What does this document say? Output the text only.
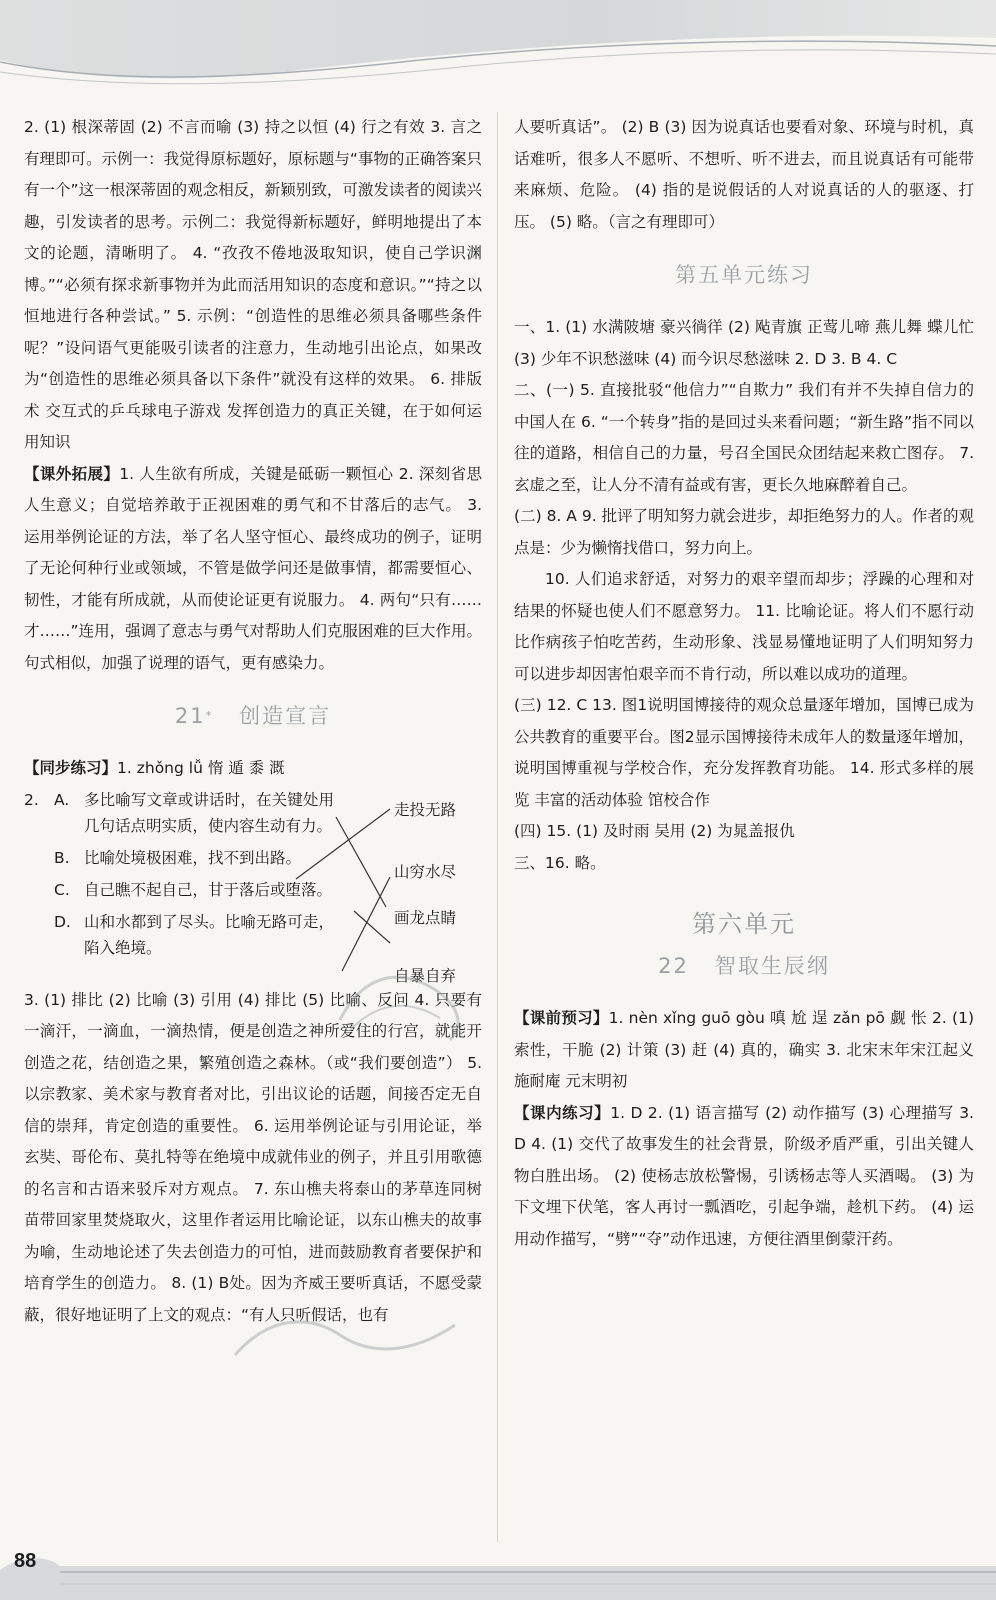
2. (1) 根深蒂固 (2) 不言而喻 (3) 持之以恒 (4) 行之有效 3. 言之有理即可。示例一：我觉得原标题好，原标题与“事物的正确答案只有一个”这一根深蒂固的观念相反，新颖别致，可激发读者的阅读兴趣，引发读者的思考。示例二：我觉得新标题好，鲜明地提出了本文的论题，清晰明了。 4. “孜孜不倦地汲取知识，使自己学识渊博。”“必须有探求新事物并为此而活用知识的态度和意识。”“持之以恒地进行各种尝试。” 5. 示例：“创造性的思维必须具备哪些条件呢？”设问语气更能吸引读者的注意力，生动地引出论点，如果改为“创造性的思维必须具备以下条件”就没有这样的效果。 6. 排版术 交互式的乒乓球电子游戏 发挥创造力的真正关键，在于如何运用知识

【课外拓展】1. 人生欲有所成，关键是砥砺一颗恒心 2. 深刻省思人生意义；自觉培养敢于正视困难的勇气和不甘落后的志气。 3. 运用举例论证的方法，举了名人坚守恒心、最终成功的例子，证明了无论何种行业或领域，不管是做学问还是做事情，都需要恒心、韧性，才能有所成就，从而使论证更有说服力。 4. 两句“只有……才……”连用，强调了意志与勇气对帮助人们克服困难的巨大作用。句式相似，加强了说理的语气，更有感染力。

21* 创造宣言

【同步练习】1. zhǒng lǚ 惰 遁 黍 溉

2. A. 多比喻写文章或讲话时，在关键处用几句话点明实质，使内容生动有力。
B. 比喻处境极困难，找不到出路。
C. 自己瞧不起自己，甘于落后或堕落。
D. 山和水都到了尽头。比喻无路可走，陷入绝境。
走投无路
山穷水尽
画龙点睛
自暴自弃

3. (1) 排比 (2) 比喻 (3) 引用 (4) 排比 (5) 比喻、反问 4. 只要有一滴汗，一滴血，一滴热情，便是创造之神所爱住的行宫，就能开创造之花，结创造之果，繁殖创造之森林。（或“我们要创造”） 5. 以宗教家、美术家与教育者对比，引出议论的话题，间接否定无自信的崇拜，肯定创造的重要性。 6. 运用举例论证与引用论证，举玄奘、哥伦布、莫扎特等在绝境中成就伟业的例子，并且引用歌德的名言和古语来驳斥对方观点。 7. 东山樵夫将泰山的茅草连同树苗带回家里焚烧取火，这里作者运用比喻论证，以东山樵夫的故事为喻，生动地论述了失去创造力的可怕，进而鼓励教育者要保护和培育学生的创造力。 8. (1) B处。因为齐威王要听真话，不愿受蒙蔽，很好地证明了上文的观点：“有人只听假话，也有

人要听真话”。 (2) B (3) 因为说真话也要看对象、环境与时机，真话难听，很多人不愿听、不想听、听不进去，而且说真话有可能带来麻烦、危险。 (4) 指的是说假话的人对说真话的人的驱逐、打压。 (5) 略。（言之有理即可）

第五单元练习

一、1. (1) 水满陂塘 豪兴徜徉 (2) 飐青旗 正莺儿啼 燕儿舞 蝶儿忙 (3) 少年不识愁滋味 (4) 而今识尽愁滋味 2. D 3. B 4. C

二、(一) 5. 直接批驳“他信力”“自欺力” 我们有并不失掉自信力的中国人在 6. “一个转身”指的是回过头来看问题；“新生路”指不同以往的道路，相信自己的力量，号召全国民众团结起来救亡图存。 7. 玄虚之至，让人分不清有益或有害，更长久地麻醉着自己。

(二) 8. A 9. 批评了明知努力就会进步，却拒绝努力的人。作者的观点是：少为懒惰找借口，努力向上。

10. 人们追求舒适，对努力的艰辛望而却步；浮躁的心理和对结果的怀疑也使人们不愿意努力。 11. 比喻论证。将人们不愿行动比作病孩子怕吃苦药，生动形象、浅显易懂地证明了人们明知努力可以进步却因害怕艰辛而不肯行动，所以难以成功的道理。

(三) 12. C 13. 图1说明国博接待的观众总量逐年增加，国博已成为公共教育的重要平台。图2显示国博接待未成年人的数量逐年增加，说明国博重视与学校合作，充分发挥教育功能。 14. 形式多样的展览 丰富的活动体验 馆校合作

(四) 15. (1) 及时雨 吴用 (2) 为晁盖报仇

三、16. 略。

第六单元
22 智取生辰纲

【课前预习】1. nèn xǐng guō gòu 嗔 尬 逞 zǎn pō 觑 怅 2. (1) 索性，干脆 (2) 计策 (3) 赶 (4) 真的，确实 3. 北宋末年宋江起义 施耐庵 元末明初

【课内练习】1. D 2. (1) 语言描写 (2) 动作描写 (3) 心理描写 3. D 4. (1) 交代了故事发生的社会背景，阶级矛盾严重，引出关键人物白胜出场。 (2) 使杨志放松警惕，引诱杨志等人买酒喝。 (3) 为下文埋下伏笔，客人再讨一瓢酒吃，引起争端，趁机下药。 (4) 运用动作描写，“劈”“夺”动作迅速，方便往酒里倒蒙汗药。

88
